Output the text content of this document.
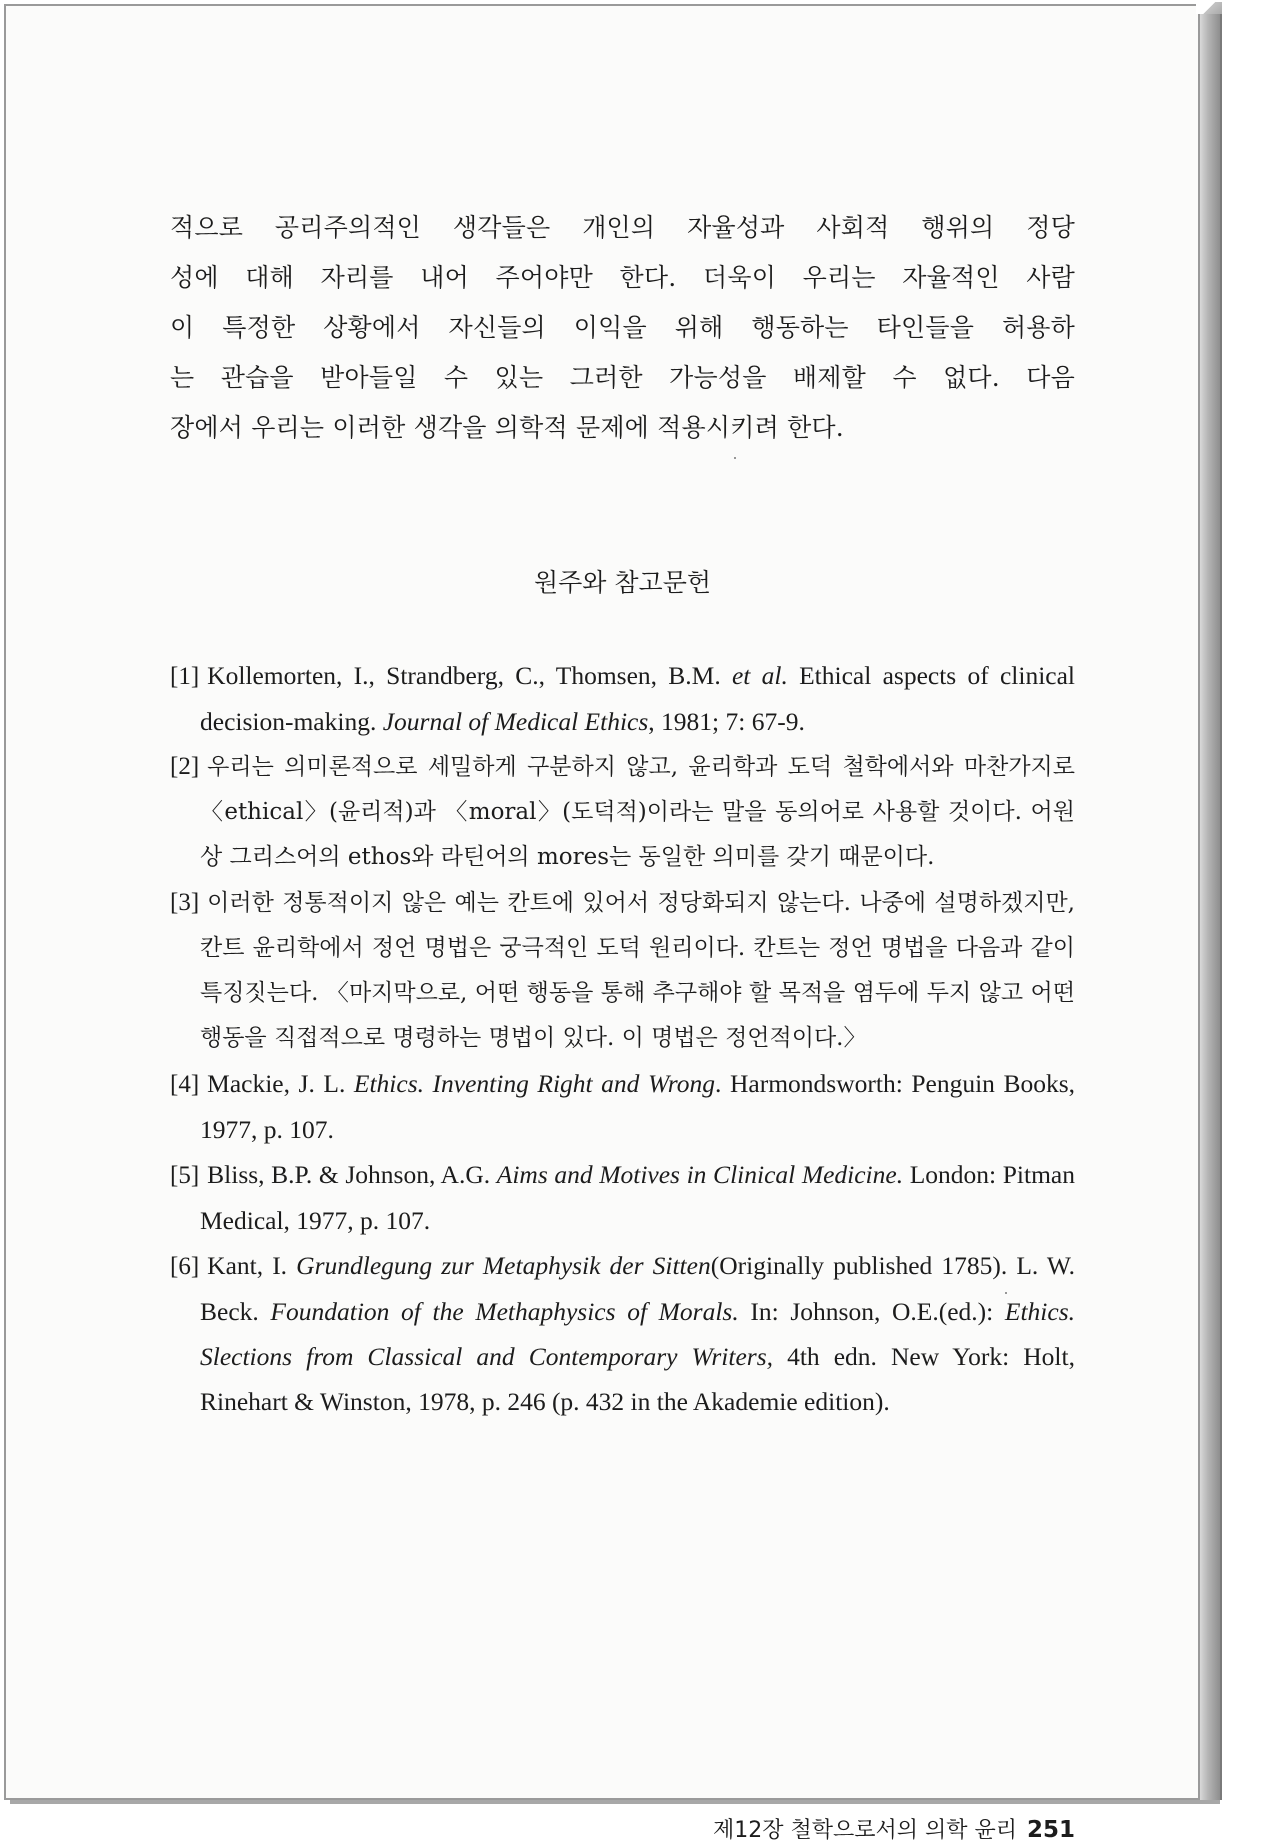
적으로 공리주의적인 생각들은 개인의 자율성과 사회적 행위의 정당
성에 대해 자리를 내어 주어야만 한다. 더욱이 우리는 자율적인 사람
이 특정한 상황에서 자신들의 이익을 위해 행동하는 타인들을 허용하
는 관습을 받아들일 수 있는 그러한 가능성을 배제할 수 없다. 다음
장에서 우리는 이러한 생각을 의학적 문제에 적용시키려 한다.

원주와 참고문헌
[1] Kollemorten, I., Strandberg, C., Thomsen, B.M. et al. Ethical aspects of clinical decision-making. Journal of Medical Ethics, 1981; 7: 67-9.
[2] 우리는 의미론적으로 세밀하게 구분하지 않고, 윤리학과 도덕 철학에서와 마찬가지로 〈ethical〉(윤리적)과 〈moral〉(도덕적)이라는 말을 동의어로 사용할 것이다. 어원상 그리스어의 ethos와 라틴어의 mores는 동일한 의미를 갖기 때문이다.
[3] 이러한 정통적이지 않은 예는 칸트에 있어서 정당화되지 않는다. 나중에 설명하겠지만, 칸트 윤리학에서 정언 명법은 궁극적인 도덕 원리이다. 칸트는 정언 명법을 다음과 같이 특징짓는다. 〈마지막으로, 어떤 행동을 통해 추구해야 할 목적을 염두에 두지 않고 어떤 행동을 직접적으로 명령하는 명법이 있다. 이 명법은 정언적이다.〉
[4] Mackie, J. L. Ethics. Inventing Right and Wrong. Harmondsworth: Penguin Books, 1977, p. 107.
[5] Bliss, B.P. & Johnson, A.G. Aims and Motives in Clinical Medicine. London: Pitman Medical, 1977, p. 107.
[6] Kant, I. Grundlegung zur Metaphysik der Sitten(Originally published 1785). L. W. Beck. Foundation of the Methaphysics of Morals. In: Johnson, O.E.(ed.): Ethics. Slections from Classical and Contemporary Writers, 4th edn. New York: Holt, Rinehart & Winston, 1978, p. 246 (p. 432 in the Akademie edition).
제12장 철학으로서의 의학 윤리 251
